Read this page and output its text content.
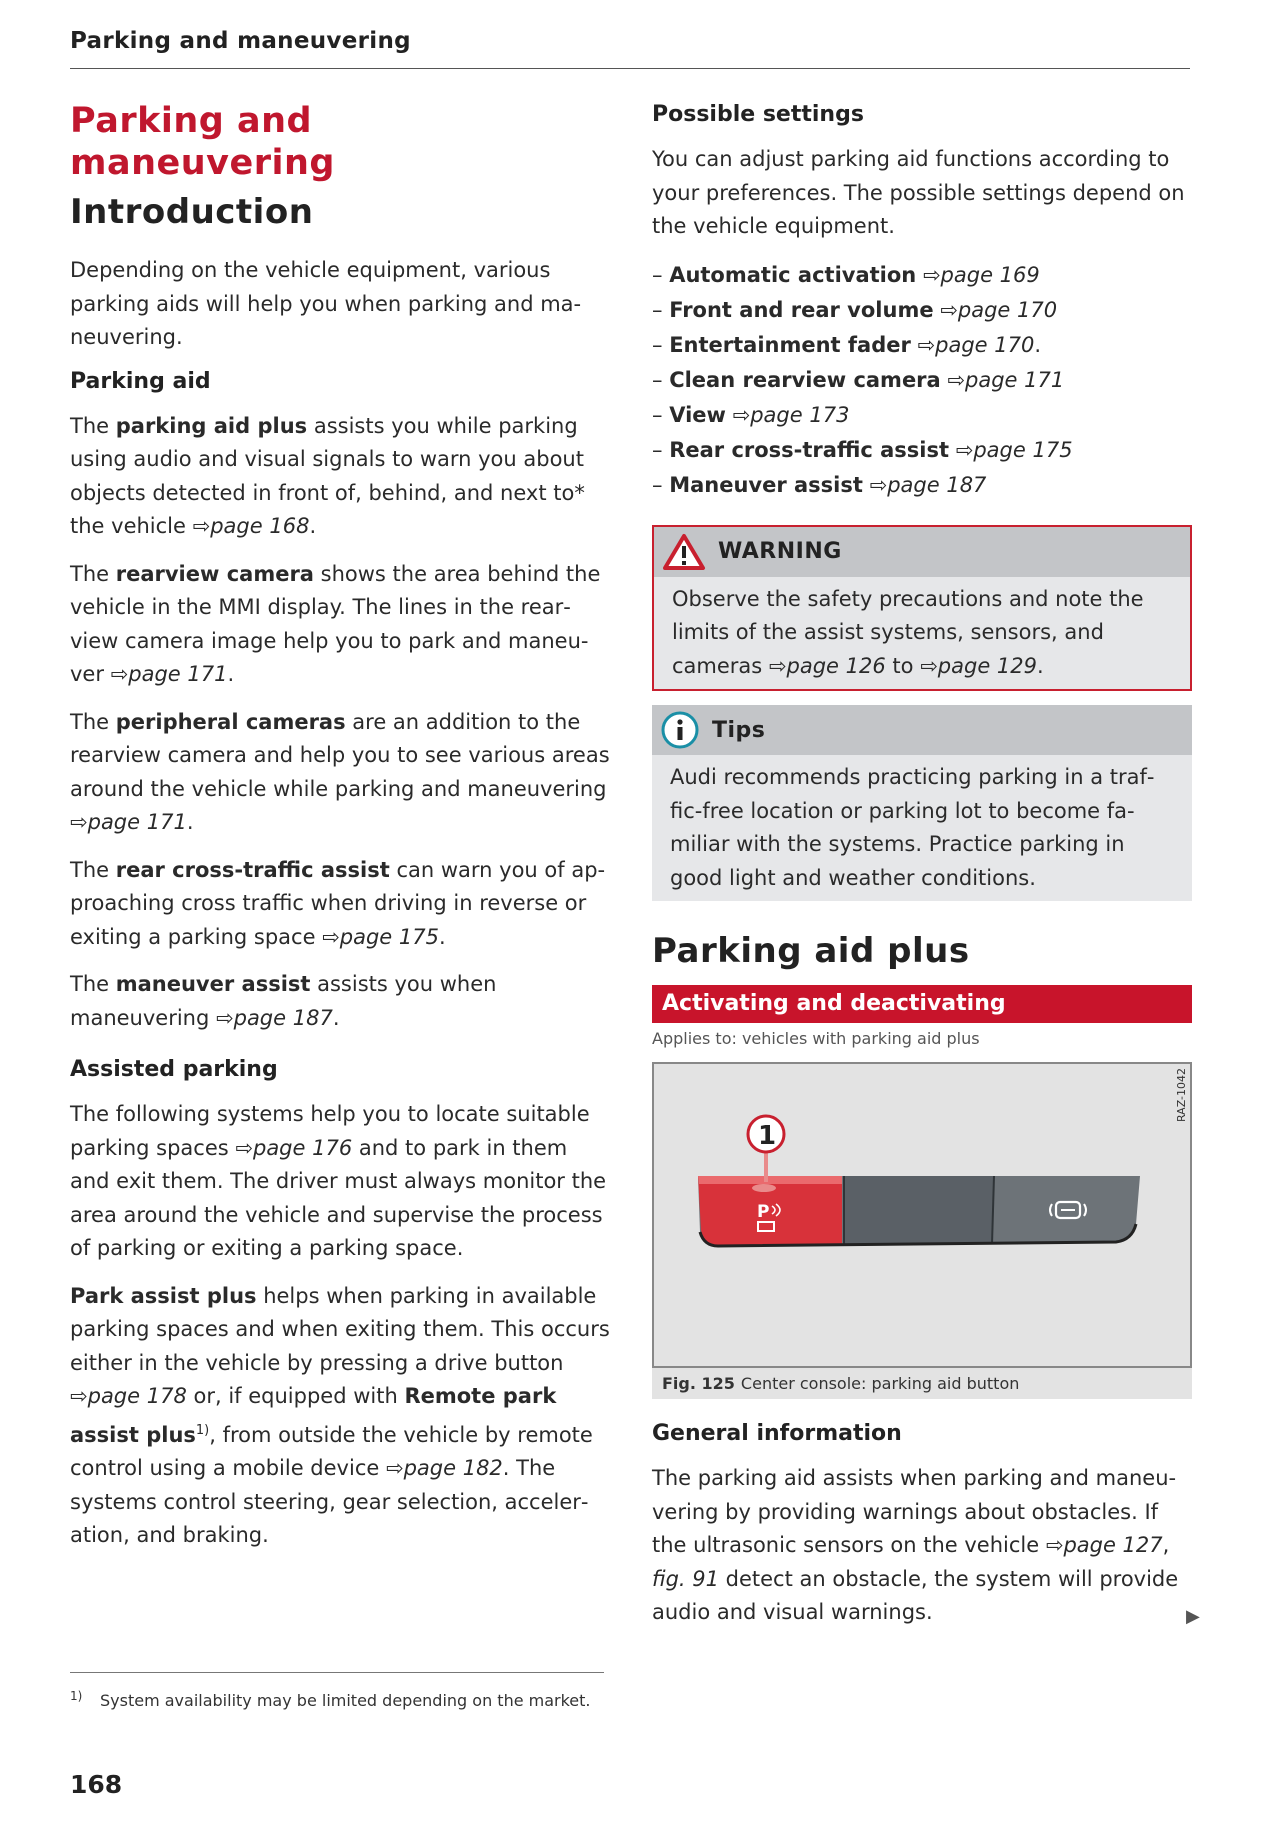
Parking and maneuvering
Parking and
maneuvering
Introduction

Depending on the vehicle equipment, various parking aids will help you when parking and maneuvering.

Parking aid

The parking aid plus assists you while parking using audio and visual signals to warn you about objects detected in front of, behind, and next to* the vehicle ⇨page 168.

The rearview camera shows the area behind the vehicle in the MMI display. The lines in the rearview camera image help you to park and maneuver ⇨page 171.

The peripheral cameras are an addition to the rearview camera and help you to see various areas around the vehicle while parking and maneuvering ⇨page 171.

The rear cross-traffic assist can warn you of approaching cross traffic when driving in reverse or exiting a parking space ⇨page 175.

The maneuver assist assists you when maneuvering ⇨page 187.

Assisted parking

The following systems help you to locate suitable parking spaces ⇨page 176 and to park in them and exit them. The driver must always monitor the area around the vehicle and supervise the process of parking or exiting a parking space.

Park assist plus helps when parking in available parking spaces and when exiting them. This occurs either in the vehicle by pressing a drive button ⇨page 178 or, if equipped with Remote park assist plus$^{1)}$, from outside the vehicle by remote control using a mobile device ⇨page 182. The systems control steering, gear selection, acceleration, and braking.

1)	System availability may be limited depending on the market.
Possible settings

You can adjust parking aid functions according to your preferences. The possible settings depend on the vehicle equipment.

– Automatic activation ⇨page 169
– Front and rear volume ⇨page 170
– Entertainment fader ⇨page 170.
– Clean rearview camera ⇨page 171
– View ⇨page 173
– Rear cross-traffic assist ⇨page 175
– Maneuver assist ⇨page 187
WARNING
Observe the safety precautions and note the limits of the assist systems, sensors, and cameras ⇨page 126 to ⇨page 129.
Tips
Audi recommends practicing parking in a traffic-free location or parking lot to become familiar with the systems. Practice parking in good light and weather conditions.
Parking aid plus
Activating and deactivating
Applies to: vehicles with parking aid plus
RAZ-1042
P
1
Fig. 125 Center console: parking aid button
General information

The parking aid assists when parking and maneuvering by providing warnings about obstacles. If the ultrasonic sensors on the vehicle ⇨page 127, fig. 91 detect an obstacle, the system will provide audio and visual warnings.	▶
168
